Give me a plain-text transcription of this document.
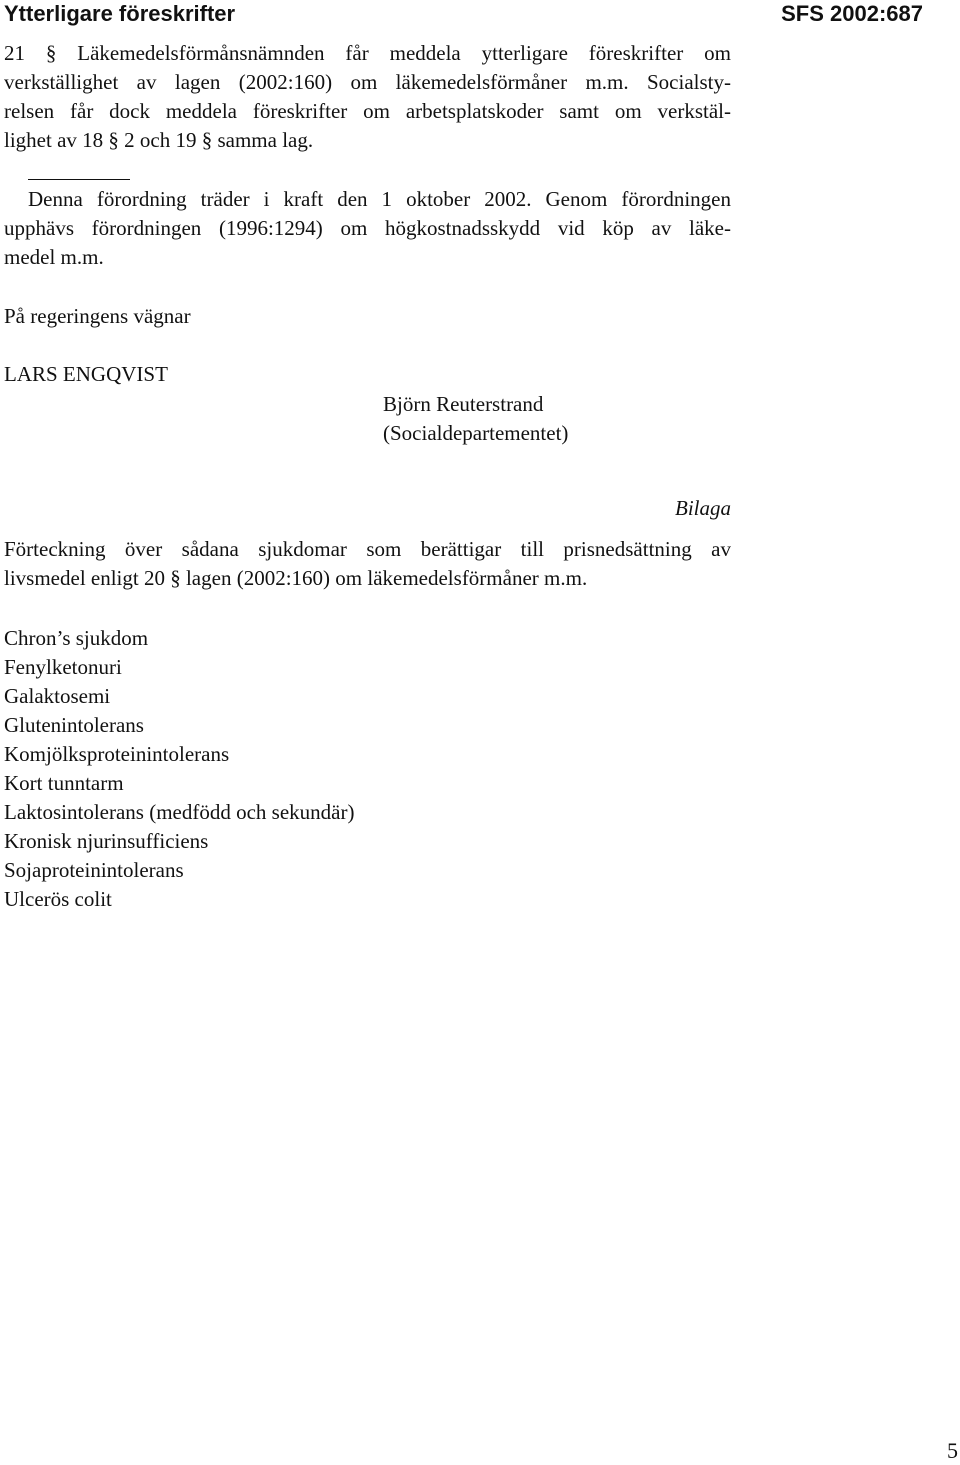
Ytterligare föreskrifter	SFS 2002:687
21 § Läkemedelsförmånsnämnden får meddela ytterligare föreskrifter om
verkställighet av lagen (2002:160) om läkemedelsförmåner m.m. Socialsty-
relsen får dock meddela föreskrifter om arbetsplatskoder samt om verkstäl-
lighet av 18 § 2 och 19 § samma lag.
Denna förordning träder i kraft den 1 oktober 2002. Genom förordningen
upphävs förordningen (1996:1294) om högkostnadsskydd vid köp av läke-
medel m.m.
På regeringens vägnar
LARS ENGQVIST
Björn Reuterstrand
(Socialdepartementet)
Bilaga
Förteckning över sådana sjukdomar som berättigar till prisnedsättning av
livsmedel enligt 20 § lagen (2002:160) om läkemedelsförmåner m.m.
Chron’s sjukdom
Fenylketonuri
Galaktosemi
Glutenintolerans
Komjölksproteinintolerans
Kort tunntarm
Laktosintolerans (medfödd och sekundär)
Kronisk njurinsufficiens
Sojaproteinintolerans
Ulcerös colit
5
